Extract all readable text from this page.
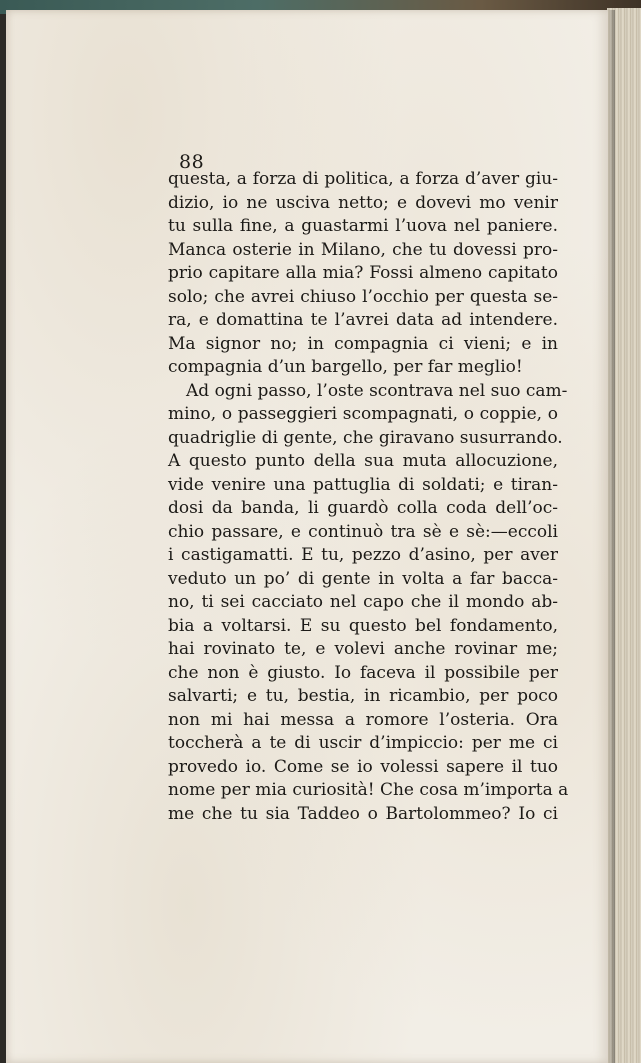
88
questa, a forza di politica, a forza d’aver giu-
dizio, io ne usciva netto; e dovevi mo venir
tu sulla fine, a guastarmi l’uova nel paniere.
Manca osterie in Milano, che tu dovessi pro-
prio capitare alla mia? Fossi almeno capitato
solo; che avrei chiuso l’occhio per questa se-
ra, e domattina te l’avrei data ad intendere.
Ma signor no; in compagnia ci vieni; e in
compagnia d’un bargello, per far meglio!
Ad ogni passo, l’oste scontrava nel suo cam-
mino, o passeggieri scompagnati, o coppie, o
quadriglie di gente, che giravano susurrando.
A questo punto della sua muta allocuzione,
vide venire una pattuglia di soldati; e tiran-
dosi da banda, li guardò colla coda dell’oc-
chio passare, e continuò tra sè e sè:—eccoli
i castigamatti. E tu, pezzo d’asino, per aver
veduto un po’ di gente in volta a far bacca-
no, ti sei cacciato nel capo che il mondo ab-
bia a voltarsi. E su questo bel fondamento,
hai rovinato te, e volevi anche rovinar me;
che non è giusto. Io faceva il possibile per
salvarti; e tu, bestia, in ricambio, per poco
non mi hai messa a romore l’osteria. Ora
toccherà a te di uscir d’impiccio: per me ci
provedo io. Come se io volessi sapere il tuo
nome per mia curiosità! Che cosa m’importa a
me che tu sia Taddeo o Bartolommeo? Io ci
